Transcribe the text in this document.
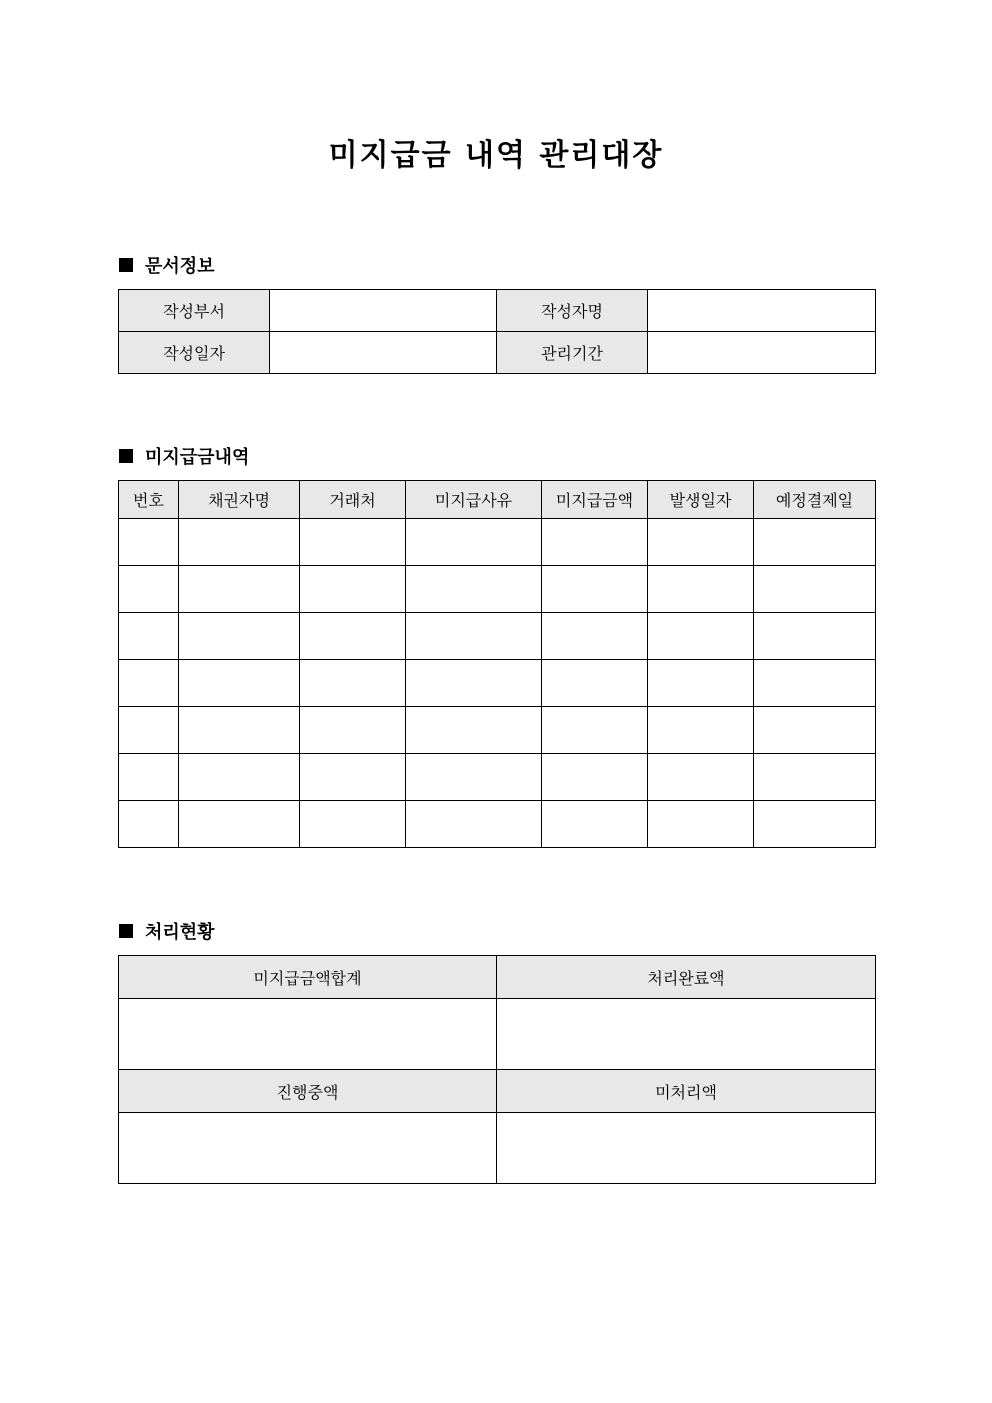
미지급금 내역 관리대장
문서정보
작성부서		작성자명	
작성일자		관리기간	
미지급금내역
번호	채권자명	거래처	미지급사유	미지급금액	발생일자	예정결제일

처리현황
미지급금액합계	처리완료액

진행중액	미처리액
